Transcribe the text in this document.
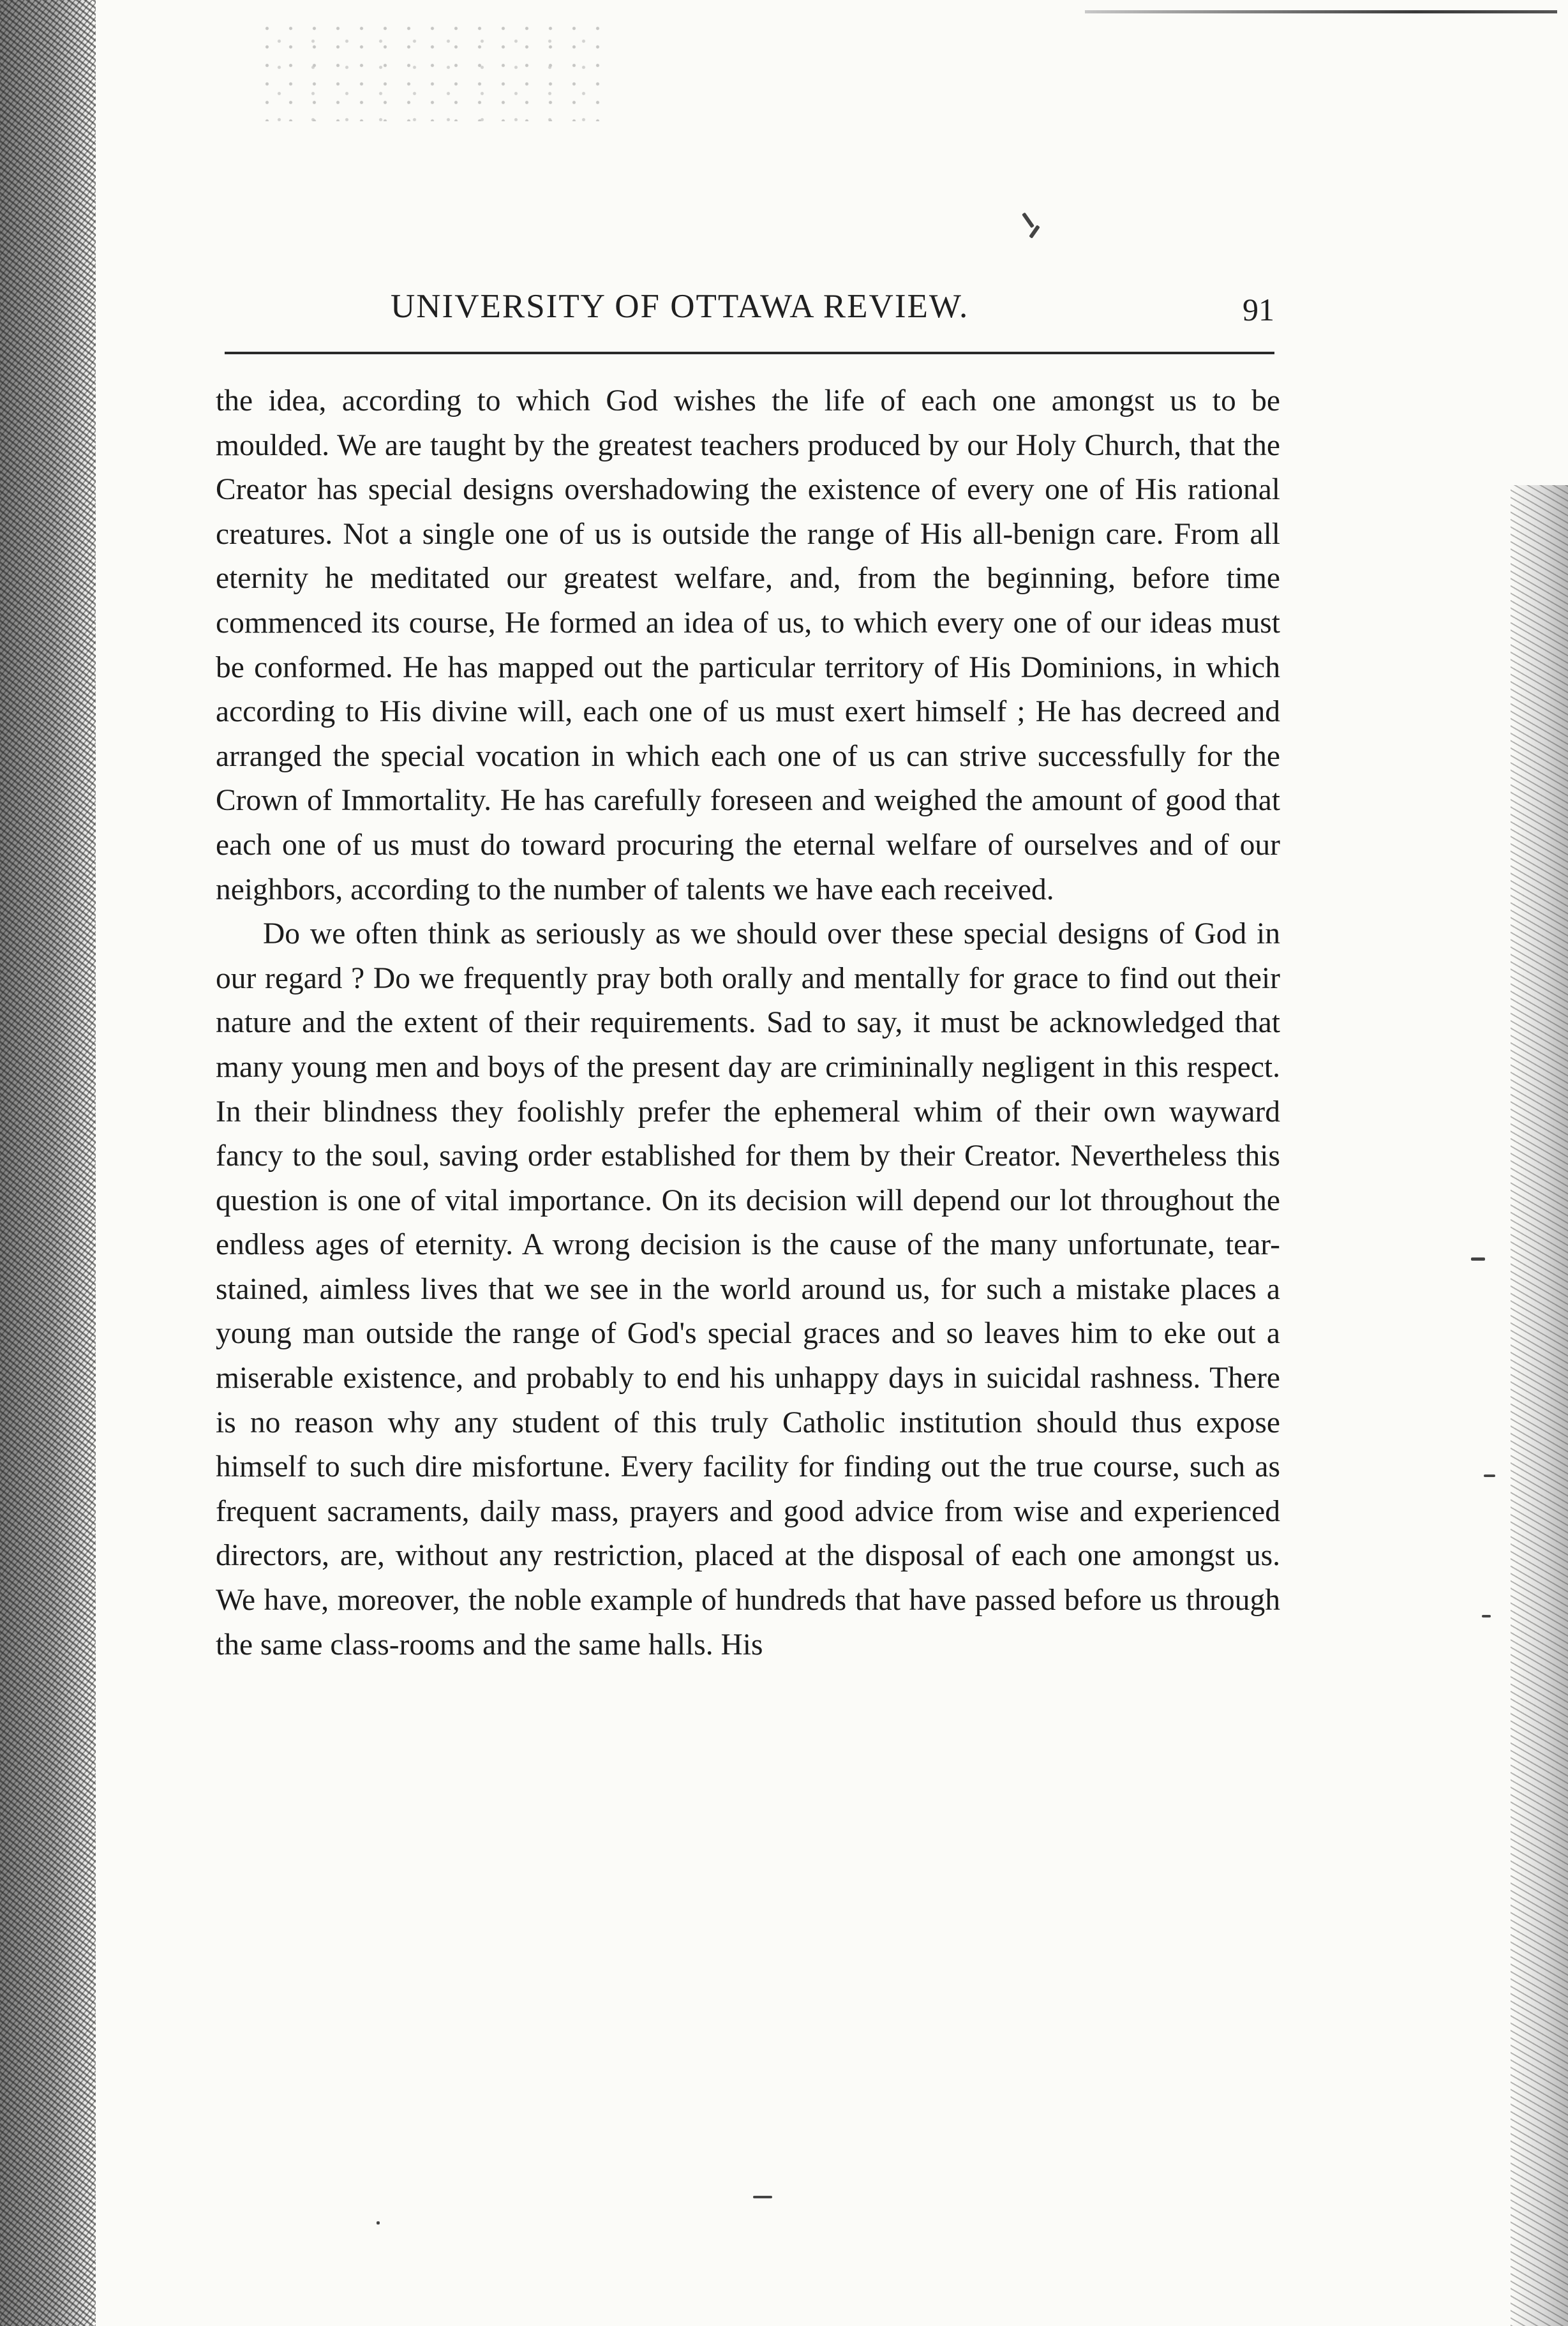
UNIVERSITY OF OTTAWA REVIEW.	91

the idea, according to which God wishes the life of each one amongst us to be moulded. We are taught by the greatest teachers produced by our Holy Church, that the Creator has special designs overshadowing the existence of every one of His rational creatures. Not a single one of us is outside the range of His all-benign care. From all eternity he meditated our greatest welfare, and, from the beginning, before time commenced its course, He formed an idea of us, to which every one of our ideas must be conformed. He has mapped out the particular territory of His Dominions, in which according to His divine will, each one of us must exert himself ; He has decreed and arranged the special vocation in which each one of us can strive successfully for the Crown of Immortality. He has carefully foreseen and weighed the amount of good that each one of us must do toward procuring the eternal welfare of ourselves and of our neighbors, according to the number of talents we have each received.

Do we often think as seriously as we should over these special designs of God in our regard ? Do we frequently pray both orally and mentally for grace to find out their nature and the extent of their requirements. Sad to say, it must be acknowledged that many young men and boys of the present day are crimininally negligent in this respect. In their blindness they foolishly prefer the ephemeral whim of their own wayward fancy to the soul, saving order established for them by their Creator. Nevertheless this question is one of vital importance. On its decision will depend our lot throughout the endless ages of eternity. A wrong decision is the cause of the many unfortunate, tear-stained, aimless lives that we see in the world around us, for such a mistake places a young man outside the range of God's special graces and so leaves him to eke out a miserable existence, and probably to end his unhappy days in suicidal rashness. There is no reason why any student of this truly Catholic institution should thus expose himself to such dire misfortune. Every facility for finding out the true course, such as frequent sacraments, daily mass, prayers and good advice from wise and experienced directors, are, without any restriction, placed at the disposal of each one amongst us. We have, moreover, the noble example of hundreds that have passed before us through the same class-rooms and the same halls. His
